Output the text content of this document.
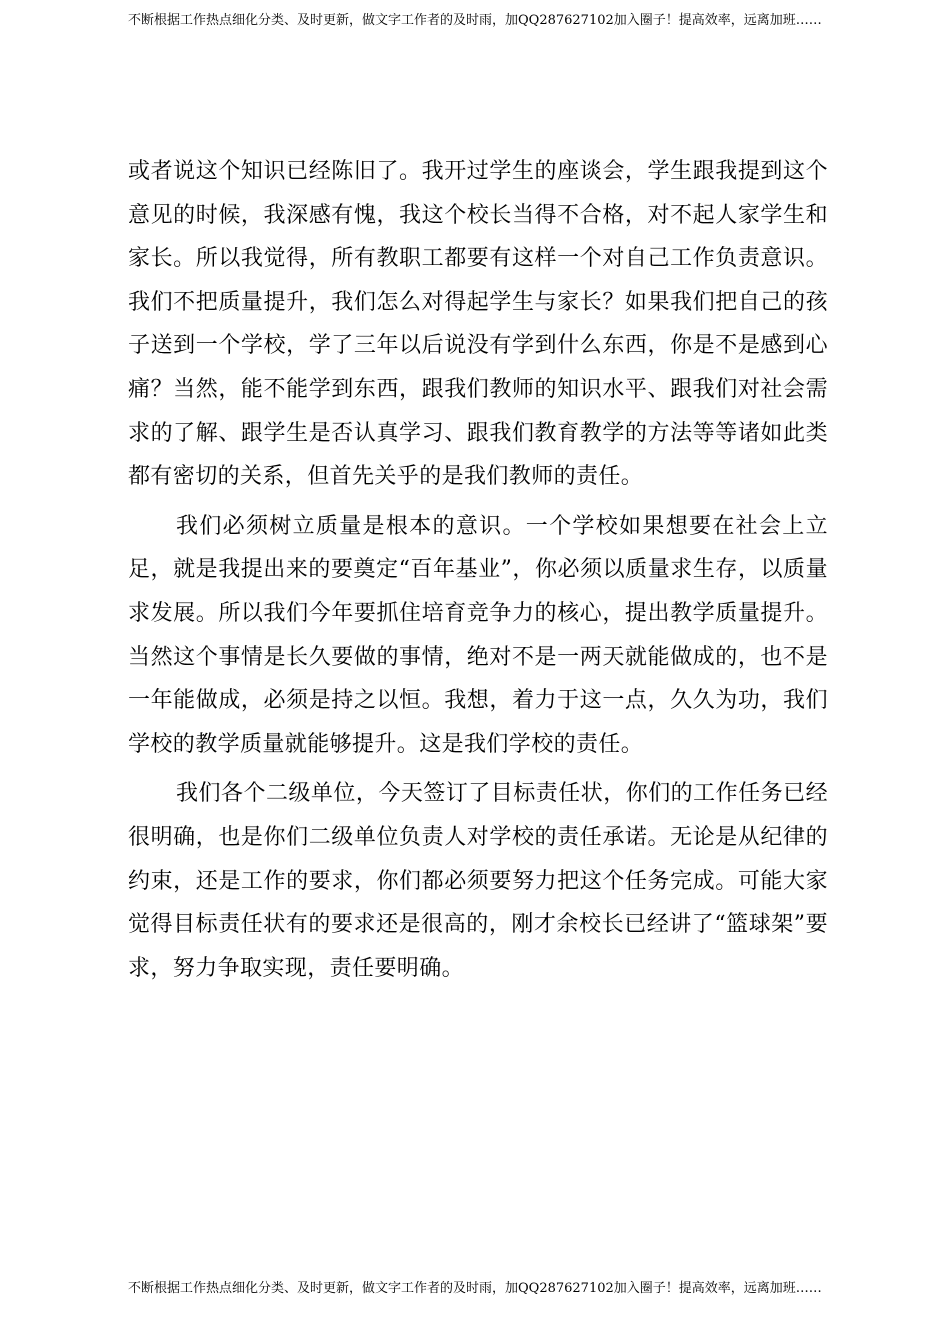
不断根据工作热点细化分类、及时更新，做文字工作者的及时雨，加QQ287627102加入圈子！提高效率，远离加班……

或者说这个知识已经陈旧了。我开过学生的座谈会，学生跟我提到这个意见的时候，我深感有愧，我这个校长当得不合格，对不起人家学生和家长。所以我觉得，所有教职工都要有这样一个对自己工作负责意识。我们不把质量提升，我们怎么对得起学生与家长？如果我们把自己的孩子送到一个学校，学了三年以后说没有学到什么东西，你是不是感到心痛？当然，能不能学到东西，跟我们教师的知识水平、跟我们对社会需求的了解、跟学生是否认真学习、跟我们教育教学的方法等等诸如此类都有密切的关系，但首先关乎的是我们教师的责任。

我们必须树立质量是根本的意识。一个学校如果想要在社会上立足，就是我提出来的要奠定“百年基业”，你必须以质量求生存，以质量求发展。所以我们今年要抓住培育竞争力的核心，提出教学质量提升。当然这个事情是长久要做的事情，绝对不是一两天就能做成的，也不是一年能做成，必须是持之以恒。我想，着力于这一点，久久为功，我们学校的教学质量就能够提升。这是我们学校的责任。

我们各个二级单位，今天签订了目标责任状，你们的工作任务已经很明确，也是你们二级单位负责人对学校的责任承诺。无论是从纪律的约束，还是工作的要求，你们都必须要努力把这个任务完成。可能大家觉得目标责任状有的要求还是很高的，刚才余校长已经讲了“篮球架”要求，努力争取实现，责任要明确。

不断根据工作热点细化分类、及时更新，做文字工作者的及时雨，加QQ287627102加入圈子！提高效率，远离加班……
